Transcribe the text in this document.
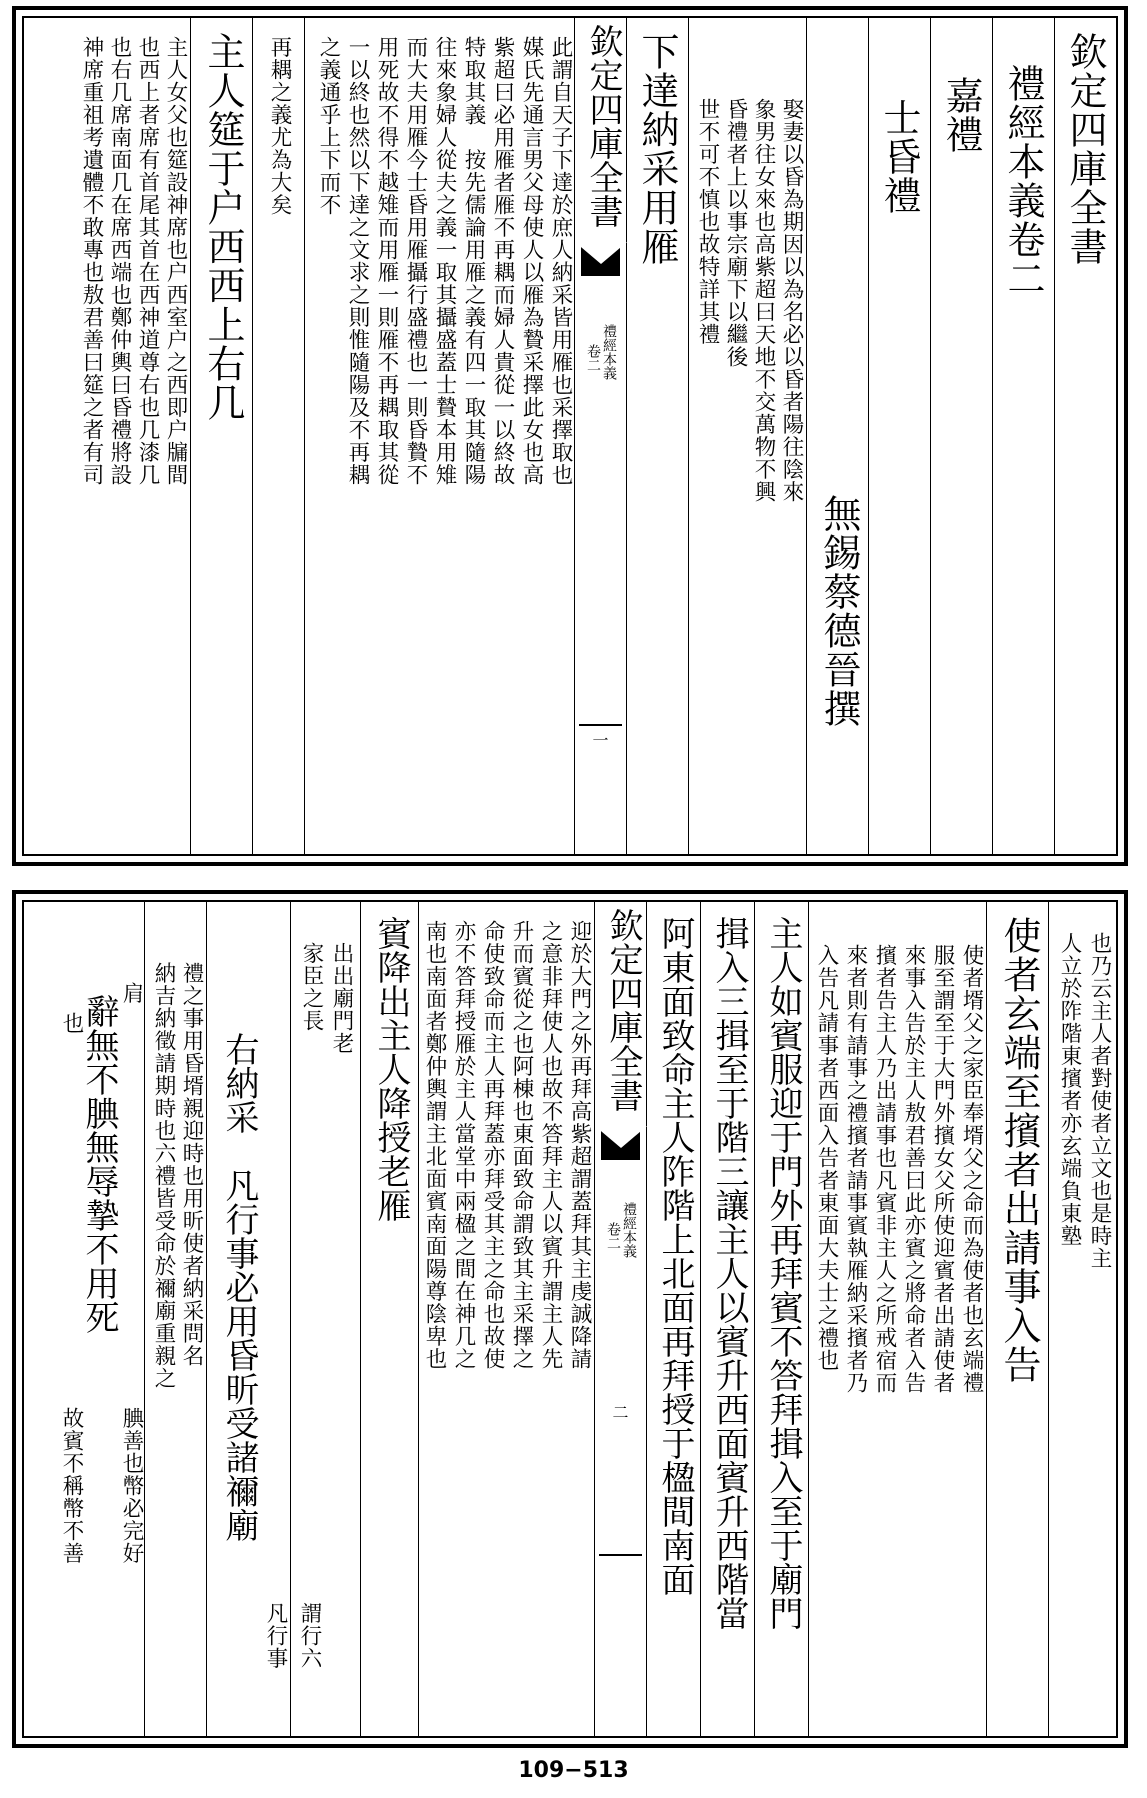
欽定四庫全書
禮經本義卷二
嘉禮
士昏禮
無錫蔡德晉撰
娶妻以昏為期因以為名必以昏者陽往陰來
象男往女來也高紫超曰天地不交萬物不興
昏禮者上以事宗廟下以繼後
世不可不慎也故特詳其禮
下達納采用雁
欽定四庫全書
禮經本義
卷二
一
此謂自天子下達於庶人納采皆用雁也采擇取也
媒氏先通言男父母使人以雁為贄采擇此女也高
紫超曰必用雁者雁不再耦而婦人貴從一以終故
特取其義　按先儒論用雁之義有四一取其隨陽
往來象婦人從夫之義一取其攝盛蓋士贄本用雉
而大夫用雁今士昏用雁攝行盛禮也一則昏贄不
用死故不得不越雉而用雁一則雁不再耦取其從
一以終也然以下達之文求之則惟隨陽及不再耦
之義通乎上下而不
再耦之義尤為大矣
主人筵于户西西上右几
主人女父也筵設神席也户西室户之西即户牖間
也西上者席有首尾其首在西神道尊右也几漆几
也右几席南面几在席西端也鄭仲輿曰昏禮將設
神席重祖考遺體不敢專也敖君善曰筵之者有司
也乃云主人者對使者立文也是時主
人立於阼階東擯者亦玄端負東塾
使者玄端至擯者出請事入告
使者壻父之家臣奉壻父之命而為使者也玄端禮
服至謂至于大門外擯女父所使迎賓者出請使者
來事入告於主人敖君善曰此亦賓之將命者入告
擯者告主人乃出請事也凡賓非主人之所戒宿而
來者則有請事之禮擯者請事賓執雁納采擯者乃
入告凡請事者西面入告者東面大夫士之禮也
主人如賓服迎于門外再拜賓不答拜揖入至于廟門
揖入三揖至于階三讓主人以賓升西面賓升西階當
阿東面致命主人阼階上北面再拜授于楹間南面
欽定四庫全書
禮經本義
卷二
二
迎於大門之外再拜高紫超謂蓋拜其主虔誠降請
之意非拜使人也故不答拜主人以賓升謂主人先
升而賓從之也阿棟也東面致命謂致其主采擇之
命使致命而主人再拜蓋亦拜受其主之命也故使
亦不答拜授雁於主人當堂中兩楹之間在神几之
南也南面者鄭仲輿謂主北面賓南面陽尊陰卑也
賓降出主人降授老雁
出出廟門老
家臣之長
右納采　凡行事必用昏昕受諸禰廟
凡行事 謂行六
禮之事用昏壻親迎時也用昕使者納采問名
納吉納徵請期時也六禮皆受命於禰廟重親之
辭無不腆無辱摯不用死
腆善也幣必完好
故賓不稱幣不善
肩
也
109−513
